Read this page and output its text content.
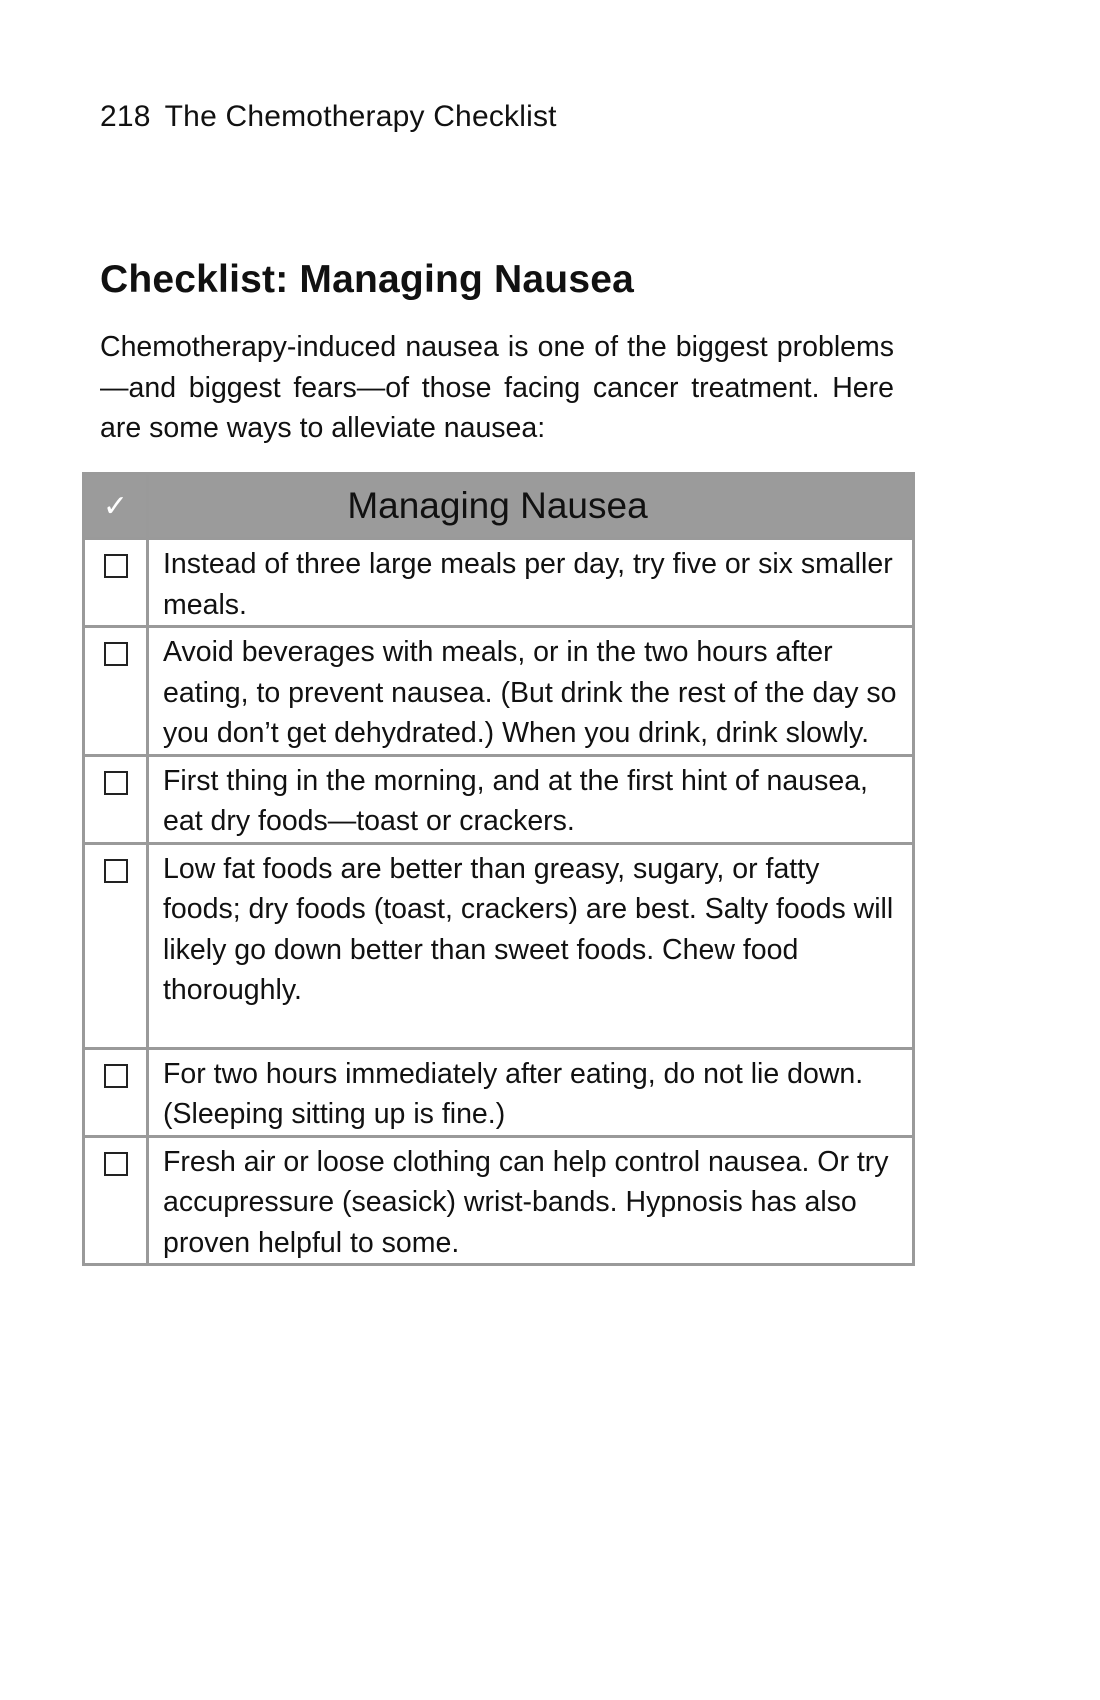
218 The Chemotherapy Checklist
Checklist: Managing Nausea

Chemotherapy-induced nausea is one of the biggest problems—and biggest fears—of those facing cancer treatment. Here are some ways to alleviate nausea:

✓	Managing Nausea
	Instead of three large meals per day, try five or six smaller meals.
	Avoid beverages with meals, or in the two hours after eating, to prevent nausea. (But drink the rest of the day so you don’t get dehydrated.) When you drink, drink slowly.
	First thing in the morning, and at the first hint of nausea, eat dry foods—toast or crackers.
	Low fat foods are better than greasy, sugary, or fatty foods; dry foods (toast, crackers) are best. Salty foods will likely go down better than sweet foods. Chew food thoroughly.
	For two hours immediately after eating, do not lie down. (Sleeping sitting up is fine.)
	Fresh air or loose clothing can help control nausea. Or try accupressure (seasick) wrist-bands. Hypnosis has also proven helpful to some.
